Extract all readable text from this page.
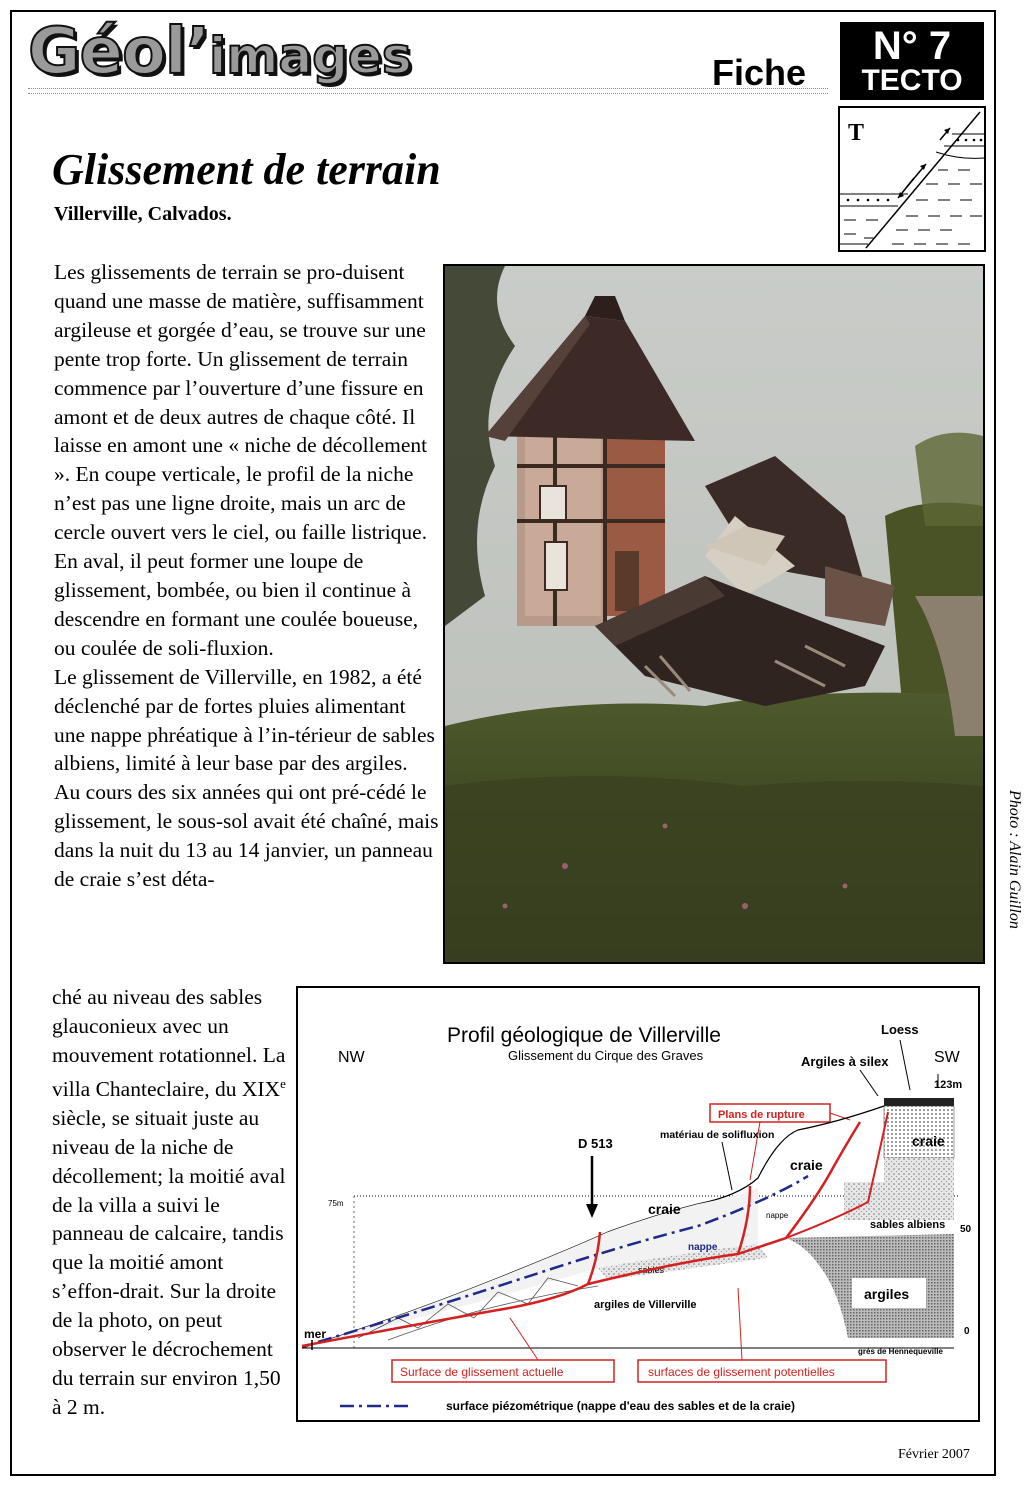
Géol’images	Fiche
N° 7
TECTO
T
Glissement de terrain
Villerville, Calvados.

Les glissements de terrain se pro-duisent quand une masse de matière, suffisamment argileuse et gorgée d’eau, se trouve sur une pente trop forte. Un glissement de terrain commence par l’ouverture d’une fissure en amont et de deux autres de chaque côté. Il laisse en amont une « niche de décollement ». En coupe verticale, le profil de la niche n’est pas une ligne droite, mais un arc de cercle ouvert vers le ciel, ou faille listrique. En aval, il peut former une loupe de glissement, bombée, ou bien il continue à descendre en formant une coulée boueuse, ou coulée de soli-fluxion.

Le glissement de Villerville, en 1982, a été déclenché par de fortes pluies alimentant une nappe phréatique à l’in-térieur de sables albiens, limité à leur base par des argiles.

Au cours des six années qui ont pré-cédé le glissement, le sous-sol avait été chaîné, mais dans la nuit du 13 au 14 janvier, un panneau de craie s’est déta-	Photo : Alain Guillon

ché au niveau des sables glauconieux avec un mouvement rotationnel. La villa Chanteclaire, du XIXe siècle, se situait juste au niveau de la niche de décollement; la moitié aval de la villa a suivi le panneau de calcaire, tandis que la moitié amont s’effon-drait. Sur la droite de la photo, on peut observer le décrochement du terrain sur environ 1,50 à 2 m.

Profil géologique de Villerville
Glissement du Cirque des Graves
NW	SW
Loess
Argiles à silex
123m
Plans de rupture
matériau de solifluxion
D 513
75m
craie
sables albiens 50
argiles
0
craie
craie
nappe
nappe
sables
argiles de Villerville
mer
grès de Hennequeville
Surface de glissement actuelle	surfaces de glissement potentielles
surface piézométrique (nappe d'eau des sables et de la craie)
Février 2007
